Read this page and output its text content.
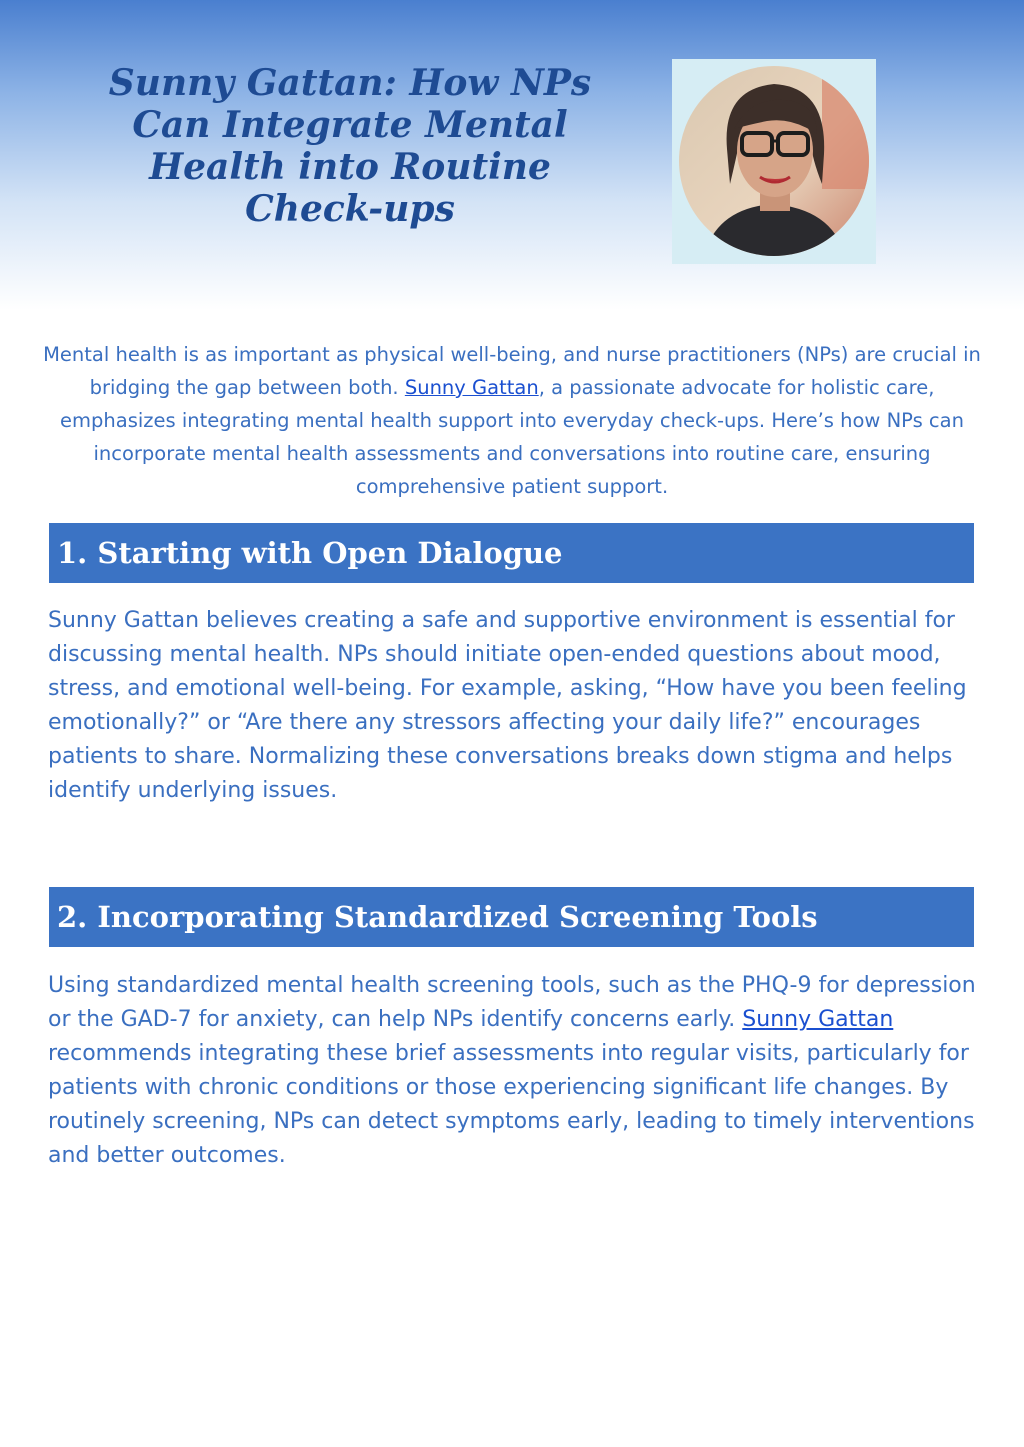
Sunny Gattan: How NPs Can Integrate Mental Health into Routine Check-ups

Mental health is as important as physical well-being, and nurse practitioners (NPs) are crucial in bridging the gap between both. Sunny Gattan, a passionate advocate for holistic care, emphasizes integrating mental health support into everyday check-ups. Here’s how NPs can incorporate mental health assessments and conversations into routine care, ensuring comprehensive patient support.

1. Starting with Open Dialogue

Sunny Gattan believes creating a safe and supportive environment is essential for discussing mental health. NPs should initiate open-ended questions about mood, stress, and emotional well-being. For example, asking, “How have you been feeling emotionally?” or “Are there any stressors affecting your daily life?” encourages patients to share. Normalizing these conversations breaks down stigma and helps identify underlying issues.

2. Incorporating Standardized Screening Tools

Using standardized mental health screening tools, such as the PHQ-9 for depression or the GAD-7 for anxiety, can help NPs identify concerns early. Sunny Gattan recommends integrating these brief assessments into regular visits, particularly for patients with chronic conditions or those experiencing significant life changes. By routinely screening, NPs can detect symptoms early, leading to timely interventions and better outcomes.
